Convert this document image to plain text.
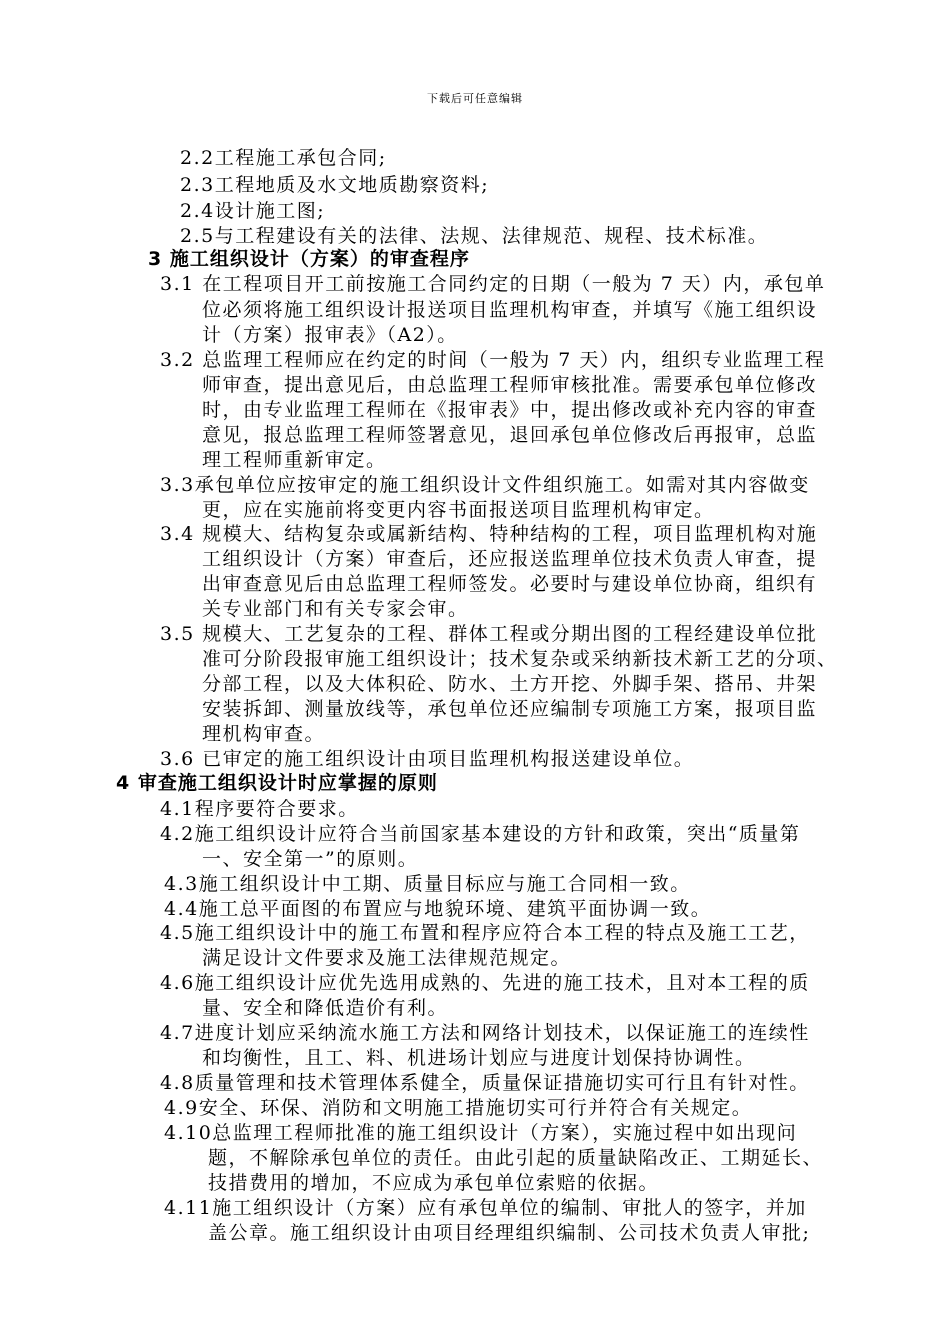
下载后可任意编辑
2.2工程施工承包合同;
2.3工程地质及水文地质勘察资料;
2.4设计施工图;
2.5与工程建设有关的法律、法规、法律规范、规程、技术标准。
3 施工组织设计（方案）的审查程序
3.1 在工程项目开工前按施工合同约定的日期（一般为 7 天）内，承包单
位必须将施工组织设计报送项目监理机构审查，并填写《施工组织设
计（方案）报审表》（A2）。
3.2 总监理工程师应在约定的时间（一般为 7 天）内，组织专业监理工程
师审查，提出意见后，由总监理工程师审核批准。需要承包单位修改
时，由专业监理工程师在《报审表》中，提出修改或补充内容的审查
意见，报总监理工程师签署意见，退回承包单位修改后再报审，总监
理工程师重新审定。
3.3承包单位应按审定的施工组织设计文件组织施工。如需对其内容做变
更，应在实施前将变更内容书面报送项目监理机构审定。
3.4 规模大、结构复杂或属新结构、特种结构的工程，项目监理机构对施
工组织设计（方案）审查后，还应报送监理单位技术负责人审查，提
出审查意见后由总监理工程师签发。必要时与建设单位协商，组织有
关专业部门和有关专家会审。
3.5 规模大、工艺复杂的工程、群体工程或分期出图的工程经建设单位批
准可分阶段报审施工组织设计；技术复杂或采纳新技术新工艺的分项、
分部工程，以及大体积砼、防水、土方开挖、外脚手架、搭吊、井架
安装拆卸、测量放线等，承包单位还应编制专项施工方案，报项目监
理机构审查。
3.6 已审定的施工组织设计由项目监理机构报送建设单位。
4 审查施工组织设计时应掌握的原则
4.1程序要符合要求。
4.2施工组织设计应符合当前国家基本建设的方针和政策，突出“质量第
一、安全第一”的原则。
4.3施工组织设计中工期、质量目标应与施工合同相一致。
4.4施工总平面图的布置应与地貌环境、建筑平面协调一致。
4.5施工组织设计中的施工布置和程序应符合本工程的特点及施工工艺，
满足设计文件要求及施工法律规范规定。
4.6施工组织设计应优先选用成熟的、先进的施工技术，且对本工程的质
量、安全和降低造价有利。
4.7进度计划应采纳流水施工方法和网络计划技术，以保证施工的连续性
和均衡性，且工、料、机进场计划应与进度计划保持协调性。
4.8质量管理和技术管理体系健全，质量保证措施切实可行且有针对性。
4.9安全、环保、消防和文明施工措施切实可行并符合有关规定。
4.10总监理工程师批准的施工组织设计（方案），实施过程中如出现问
题，不解除承包单位的责任。由此引起的质量缺陷改正、工期延长、
技措费用的增加，不应成为承包单位索赔的依据。
4.11施工组织设计（方案）应有承包单位的编制、审批人的签字，并加
盖公章。施工组织设计由项目经理组织编制、公司技术负责人审批;
